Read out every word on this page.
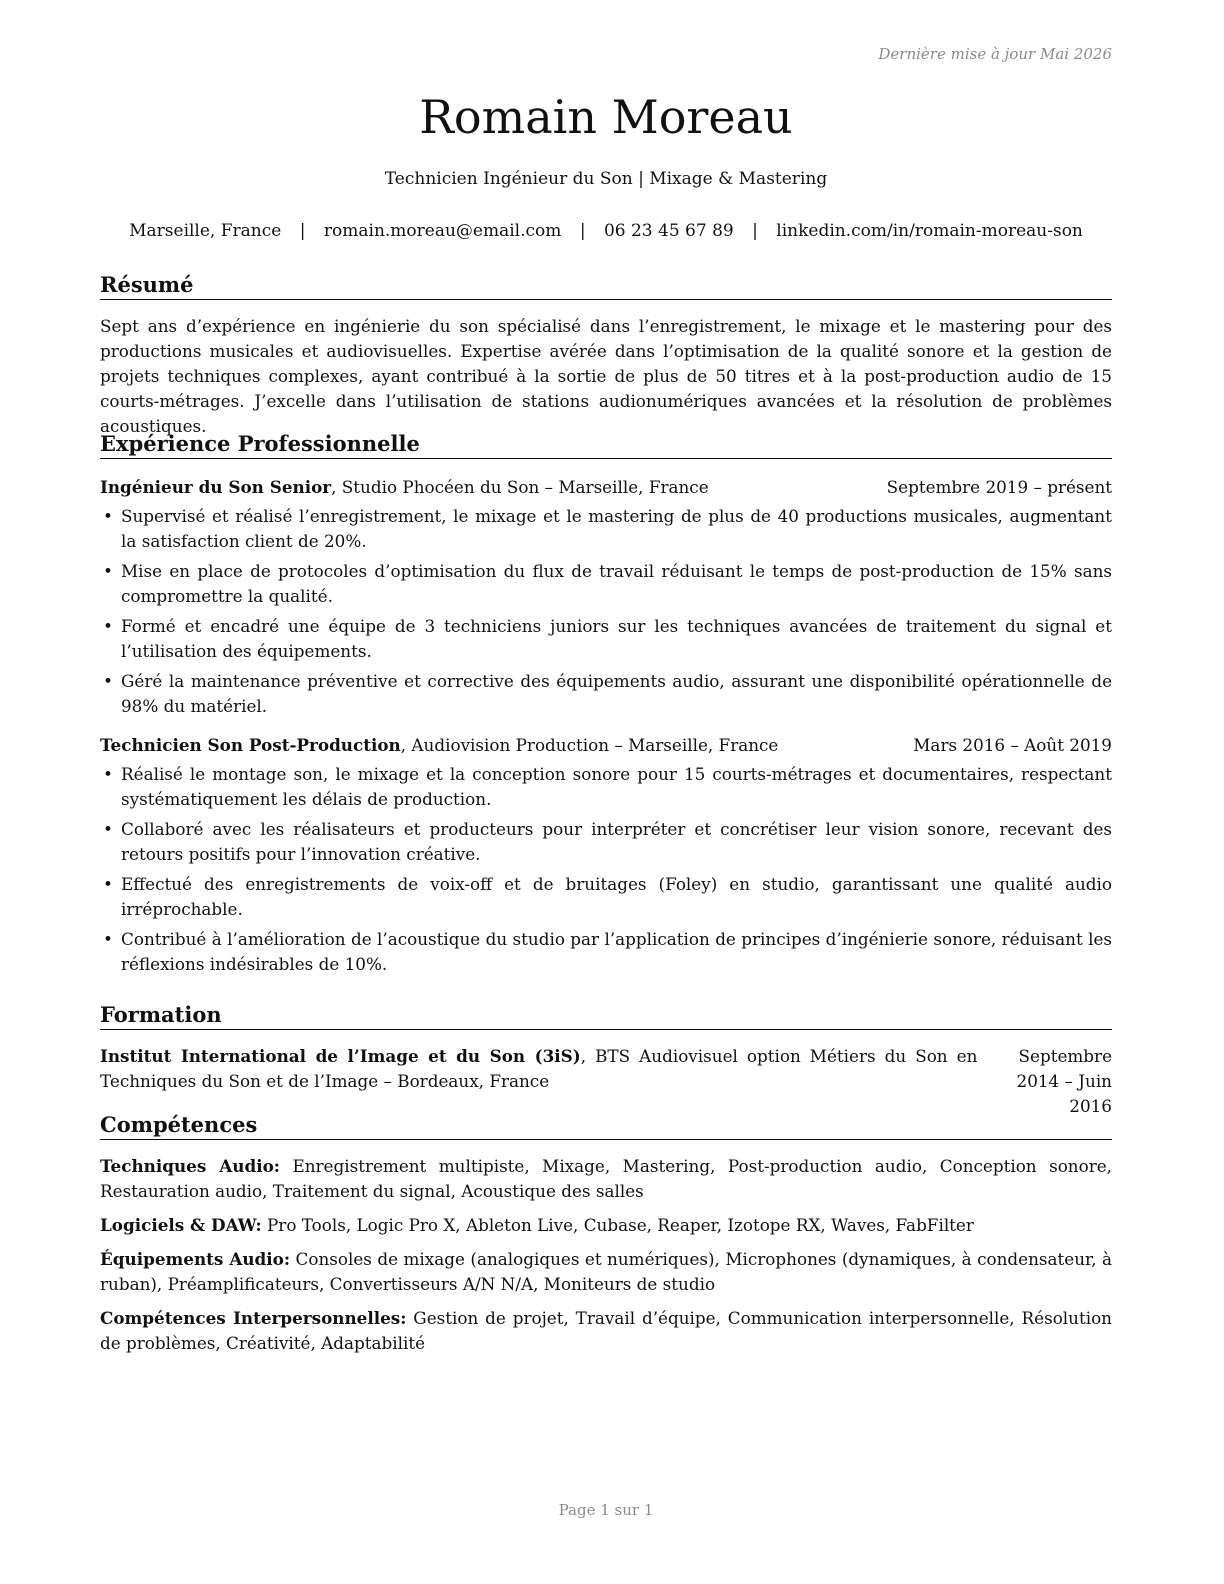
Dernière mise à jour Mai 2026
Romain Moreau
Technicien Ingénieur du Son | Mixage & Mastering
Marseille, France | romain.moreau@email.com | 06 23 45 67 89 | linkedin.com/in/romain-moreau-son
Résumé

Sept ans d’expérience en ingénierie du son spécialisé dans l’enregistrement, le mixage et le mastering pour des productions musicales et audiovisuelles. Expertise avérée dans l’optimisation de la qualité sonore et la gestion de projets techniques complexes, ayant contribué à la sortie de plus de 50 titres et à la post-production audio de 15 courts-métrages. J’excelle dans l’utilisation de stations audionumériques avancées et la résolution de problèmes acoustiques.

Expérience Professionnelle
Ingénieur du Son Senior, Studio Phocéen du Son – Marseille, France	Septembre 2019 – présent
• Supervisé et réalisé l’enregistrement, le mixage et le mastering de plus de 40 productions musicales, augmentant la satisfaction client de 20%.
• Mise en place de protocoles d’optimisation du flux de travail réduisant le temps de post-production de 15% sans compromettre la qualité.
• Formé et encadré une équipe de 3 techniciens juniors sur les techniques avancées de traitement du signal et l’utilisation des équipements.
• Géré la maintenance préventive et corrective des équipements audio, assurant une disponibilité opérationnelle de 98% du matériel.
Technicien Son Post-Production, Audiovision Production – Marseille, France	Mars 2016 – Août 2019
• Réalisé le montage son, le mixage et la conception sonore pour 15 courts-métrages et documentaires, respectant systématiquement les délais de production.
• Collaboré avec les réalisateurs et producteurs pour interpréter et concrétiser leur vision sonore, recevant des retours positifs pour l’innovation créative.
• Effectué des enregistrements de voix-off et de bruitages (Foley) en studio, garantissant une qualité audio irréprochable.
• Contribué à l’amélioration de l’acoustique du studio par l’application de principes d’ingénierie sonore, réduisant les réflexions indésirables de 10%.
Formation
Institut International de l’Image et du Son (3iS), BTS Audiovisuel option Métiers du Son en Techniques du Son et de l’Image – Bordeaux, France
Septembre 2014 – Juin 2016
Compétences

Techniques Audio: Enregistrement multipiste, Mixage, Mastering, Post-production audio, Conception sonore, Restauration audio, Traitement du signal, Acoustique des salles

Logiciels & DAW: Pro Tools, Logic Pro X, Ableton Live, Cubase, Reaper, Izotope RX, Waves, FabFilter

Équipements Audio: Consoles de mixage (analogiques et numériques), Microphones (dynamiques, à condensateur, à ruban), Préamplificateurs, Convertisseurs A/N N/A, Moniteurs de studio

Compétences Interpersonnelles: Gestion de projet, Travail d’équipe, Communication interpersonnelle, Résolution de problèmes, Créativité, Adaptabilité

Page 1 sur 1
